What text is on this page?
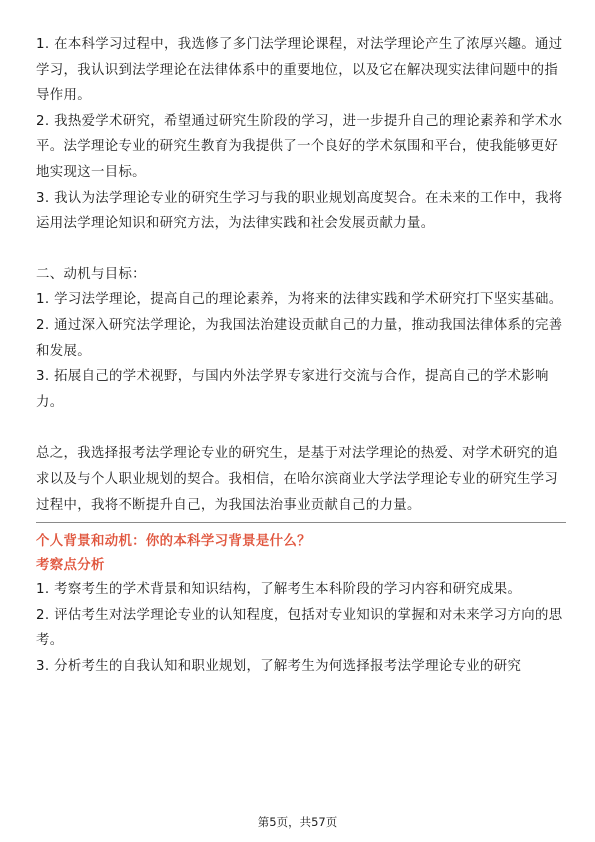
1. 在本科学习过程中，我选修了多门法学理论课程，对法学理论产生了浓厚兴趣。通过学习，我认识到法学理论在法律体系中的重要地位，以及它在解决现实法律问题中的指导作用。

2. 我热爱学术研究，希望通过研究生阶段的学习，进一步提升自己的理论素养和学术水平。法学理论专业的研究生教育为我提供了一个良好的学术氛围和平台，使我能够更好地实现这一目标。

3. 我认为法学理论专业的研究生学习与我的职业规划高度契合。在未来的工作中，我将运用法学理论知识和研究方法，为法律实践和社会发展贡献力量。

二、动机与目标：

1. 学习法学理论，提高自己的理论素养，为将来的法律实践和学术研究打下坚实基础。

2. 通过深入研究法学理论，为我国法治建设贡献自己的力量，推动我国法律体系的完善和发展。

3. 拓展自己的学术视野，与国内外法学界专家进行交流与合作，提高自己的学术影响力。

总之，我选择报考法学理论专业的研究生，是基于对法学理论的热爱、对学术研究的追求以及与个人职业规划的契合。我相信，在哈尔滨商业大学法学理论专业的研究生学习过程中，我将不断提升自己，为我国法治事业贡献自己的力量。

个人背景和动机：你的本科学习背景是什么？

考察点分析

1. 考察考生的学术背景和知识结构，了解考生本科阶段的学习内容和研究成果。

2. 评估考生对法学理论专业的认知程度，包括对专业知识的掌握和对未来学习方向的思考。

3. 分析考生的自我认知和职业规划，了解考生为何选择报考法学理论专业的研究

第5页，共57页
